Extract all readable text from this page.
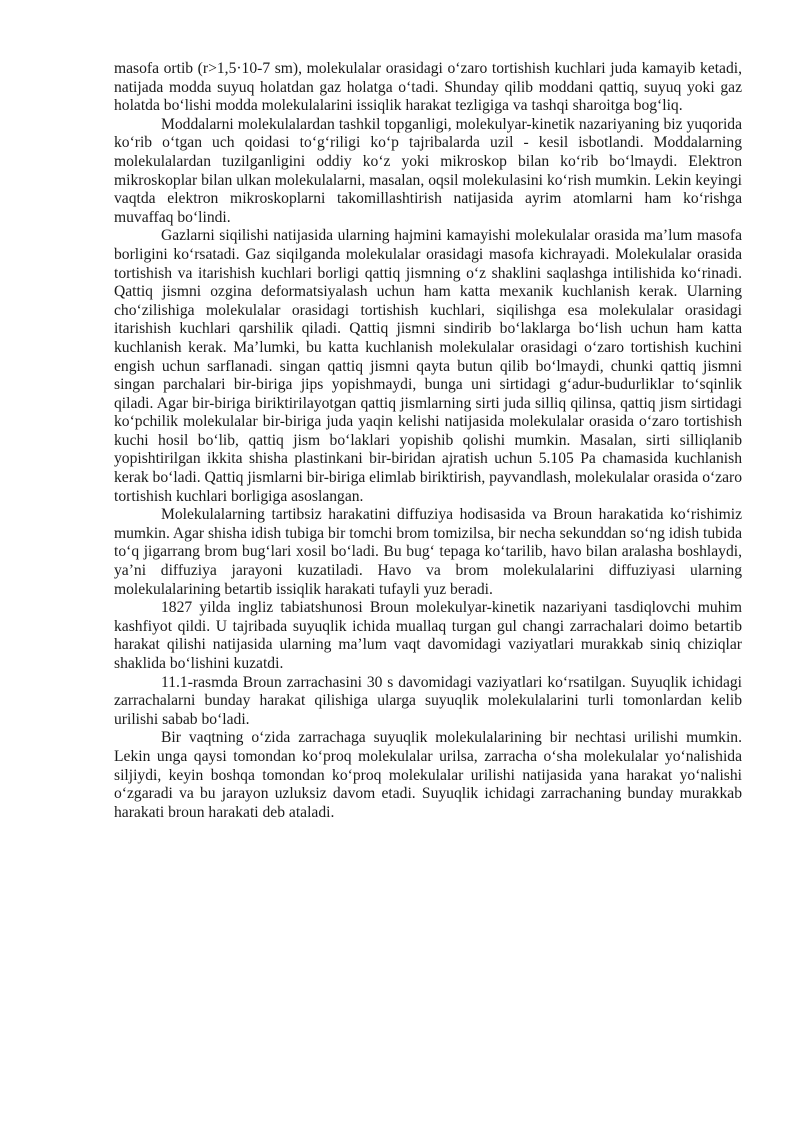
masofa ortib (r>1,5·10-7 sm), molekulalar orasidagi o‘zaro tortishish kuchlari juda kamayib ketadi, natijada modda suyuq holatdan gaz holatga o‘tadi. Shunday qilib moddani qattiq, suyuq yoki gaz holatda bo‘lishi modda molekulalarini issiqlik harakat tezligiga va tashqi sharoitga bog‘liq.

Moddalarni molekulalardan tashkil topganligi, molekulyar-kinetik nazariyaning biz yuqorida ko‘rib o‘tgan uch qoidasi to‘g‘riligi ko‘p tajribalarda uzil - kesil isbotlandi. Moddalarning molekulalardan tuzilganligini oddiy ko‘z yoki mikroskop bilan ko‘rib bo‘lmaydi. Elektron mikroskoplar bilan ulkan molekulalarni, masalan, oqsil molekulasini ko‘rish mumkin. Lekin keyingi vaqtda elektron mikroskoplarni takomillashtirish natijasida ayrim atomlarni ham ko‘rishga muvaffaq bo‘lindi.

Gazlarni siqilishi natijasida ularning hajmini kamayishi molekulalar orasida ma’lum masofa borligini ko‘rsatadi. Gaz siqilganda molekulalar orasidagi masofa kichrayadi. Molekulalar orasida tortishish va itarishish kuchlari borligi qattiq jismning o‘z shaklini saqlashga intilishida ko‘rinadi. Qattiq jismni ozgina deformatsiyalash uchun ham katta mexanik kuchlanish kerak. Ularning cho‘zilishiga molekulalar orasidagi tortishish kuchlari, siqilishga esa molekulalar orasidagi itarishish kuchlari qarshilik qiladi. Qattiq jismni sindirib bo‘laklarga bo‘lish uchun ham katta kuchlanish kerak. Ma’lumki, bu katta kuchlanish molekulalar orasidagi o‘zaro tortishish kuchini engish uchun sarflanadi. singan qattiq jismni qayta butun qilib bo‘lmaydi, chunki qattiq jismni singan parchalari bir-biriga jips yopishmaydi, bunga uni sirtidagi g‘adur-budurliklar to‘sqinlik qiladi. Agar bir-biriga biriktirilayotgan qattiq jismlarning sirti juda silliq qilinsa, qattiq jism sirtidagi ko‘pchilik molekulalar bir-biriga juda yaqin kelishi natijasida molekulalar orasida o‘zaro tortishish kuchi hosil bo‘lib, qattiq jism bo‘laklari yopishib qolishi mumkin. Masalan, sirti silliqlanib yopishtirilgan ikkita shisha plastinkani bir-biridan ajratish uchun 5.105 Pa chamasida kuchlanish kerak bo‘ladi. Qattiq jismlarni bir-biriga elimlab biriktirish, payvandlash, molekulalar orasida o‘zaro tortishish kuchlari borligiga asoslangan.

Molekulalarning tartibsiz harakatini diffuziya hodisasida va Broun harakatida ko‘rishimiz mumkin. Agar shisha idish tubiga bir tomchi brom tomizilsa, bir necha sekunddan so‘ng idish tubida to‘q jigarrang brom bug‘lari xosil bo‘ladi. Bu bug‘ tepaga ko‘tarilib, havo bilan aralasha boshlaydi, ya’ni diffuziya jarayoni kuzatiladi. Havo va brom molekulalarini diffuziyasi ularning molekulalarining betartib issiqlik harakati tufayli yuz beradi.

1827 yilda ingliz tabiatshunosi Broun molekulyar-kinetik nazariyani tasdiqlovchi muhim kashfiyot qildi. U tajribada suyuqlik ichida muallaq turgan gul changi zarrachalari doimo betartib harakat qilishi natijasida ularning ma’lum vaqt davomidagi vaziyatlari murakkab siniq chiziqlar shaklida bo‘lishini kuzatdi.

11.1-rasmda Broun zarrachasini 30 s davomidagi vaziyatlari ko‘rsatilgan. Suyuqlik ichidagi zarrachalarni bunday harakat qilishiga ularga suyuqlik molekulalarini turli tomonlardan kelib urilishi sabab bo‘ladi.

Bir vaqtning o‘zida zarrachaga suyuqlik molekulalarining bir nechtasi urilishi mumkin. Lekin unga qaysi tomondan ko‘proq molekulalar urilsa, zarracha o‘sha molekulalar yo‘nalishida siljiydi, keyin boshqa tomondan ko‘proq molekulalar urilishi natijasida yana harakat yo‘nalishi o‘zgaradi va bu jarayon uzluksiz davom etadi. Suyuqlik ichidagi zarrachaning bunday murakkab harakati broun harakati deb ataladi.
